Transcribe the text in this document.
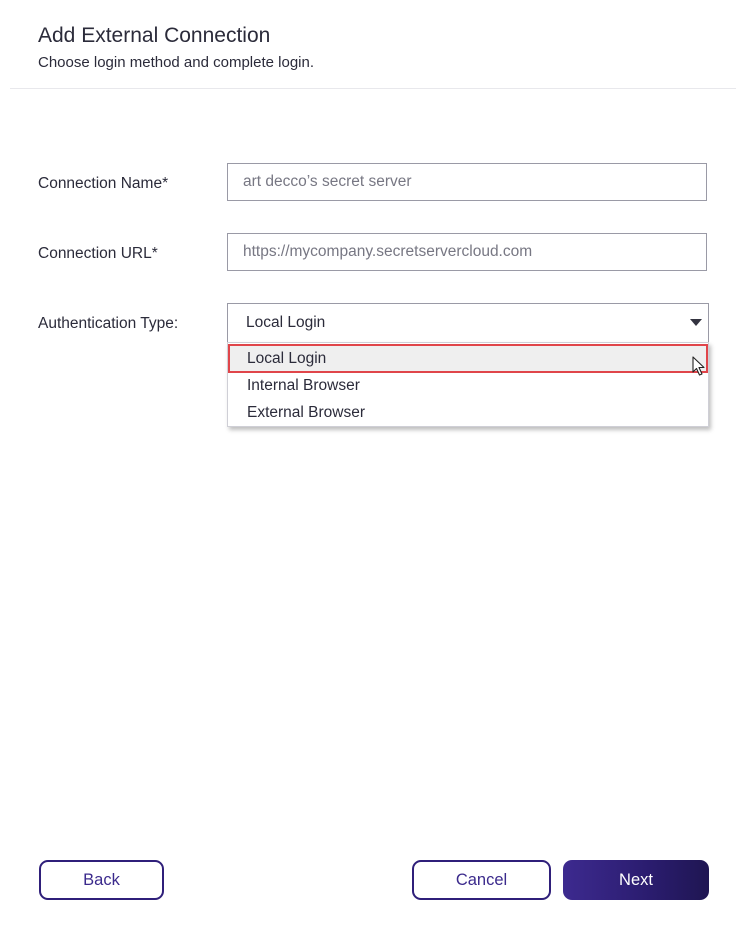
Add External Connection
Choose login method and complete login.
Connection Name*
art decco’s secret server
Connection URL*
https://mycompany.secretservercloud.com
Authentication Type:	Local Login
Local Login
Internal Browser
External Browser
Back	Cancel	Next
